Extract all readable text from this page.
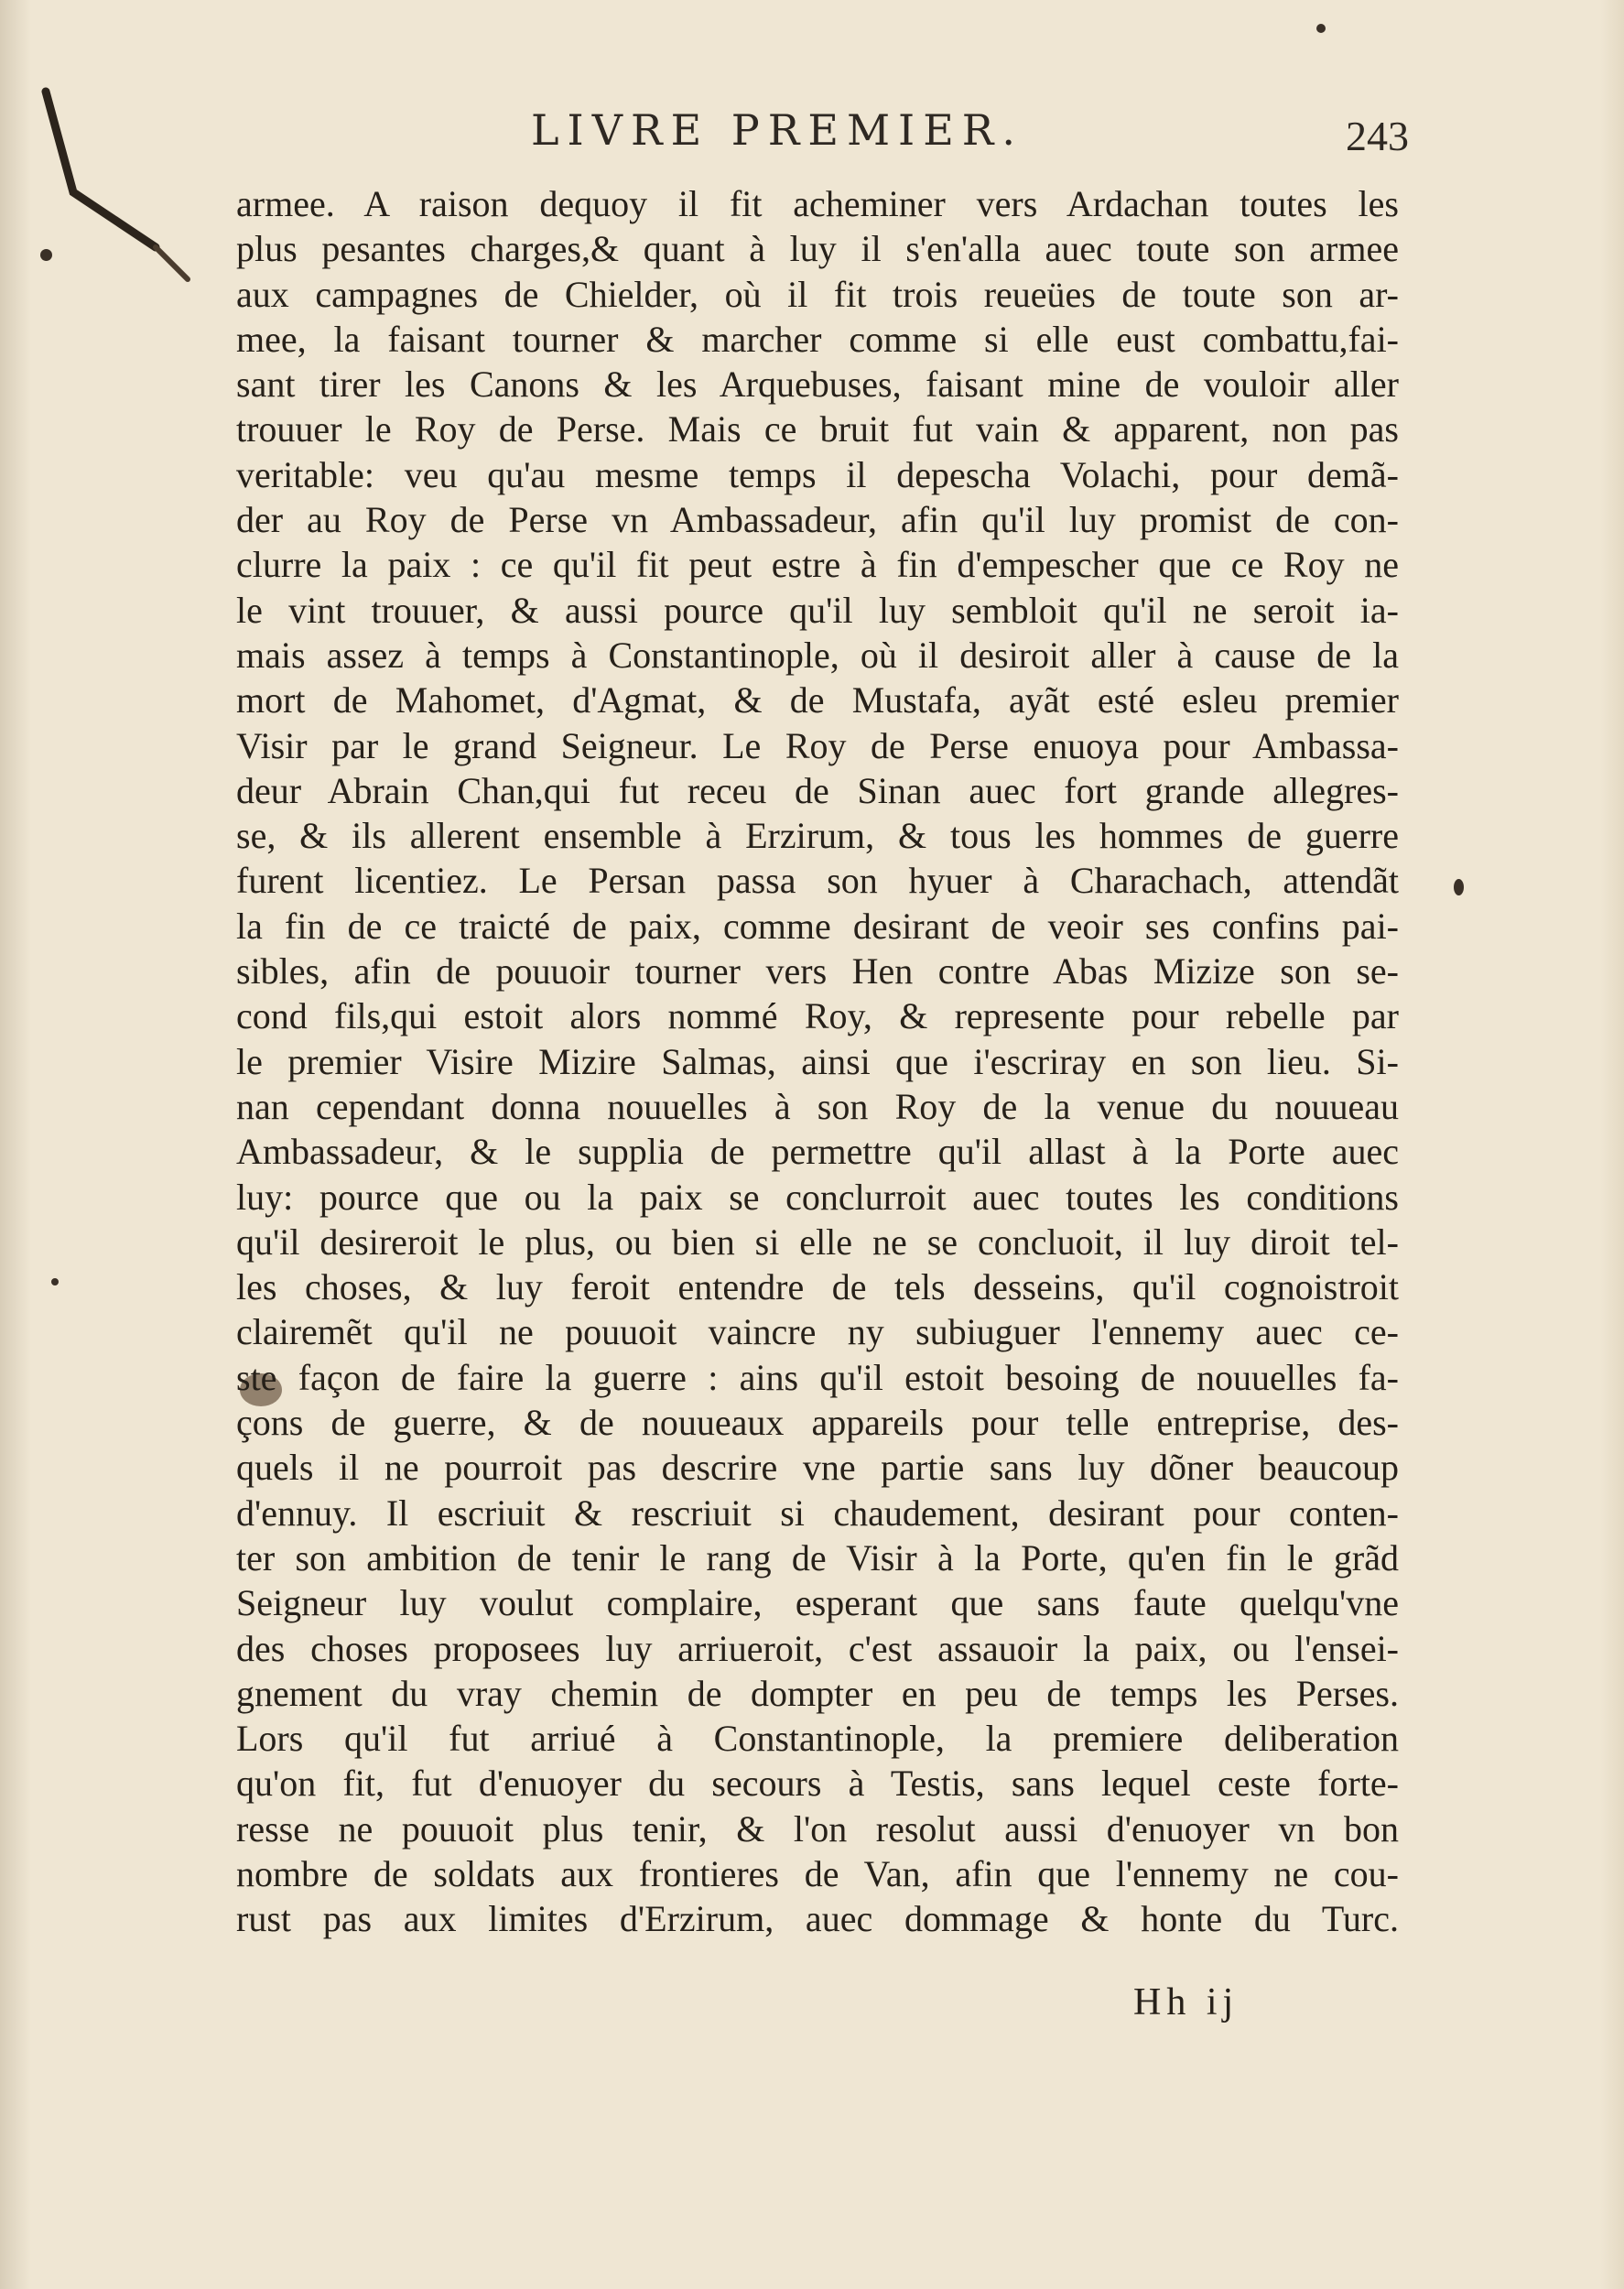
LIVRE PREMIER.	243
armee. A raison dequoy il fit acheminer vers Ardachan toutes les
plus pesantes charges,& quant à luy il s'en'alla auec toute son armee
aux campagnes de Chielder, où il fit trois reueües de toute son ar-
mee, la faisant tourner & marcher comme si elle eust combattu,fai-
sant tirer les Canons & les Arquebuses, faisant mine de vouloir aller
trouuer le Roy de Perse. Mais ce bruit fut vain & apparent, non pas
veritable: veu qu'au mesme temps il depescha Volachi, pour demã-
der au Roy de Perse vn Ambassadeur, afin qu'il luy promist de con-
clurre la paix : ce qu'il fit peut estre à fin d'empescher que ce Roy ne
le vint trouuer, & aussi pource qu'il luy sembloit qu'il ne seroit ia-
mais assez à temps à Constantinople, où il desiroit aller à cause de la
mort de Mahomet, d'Agmat, & de Mustafa, ayãt esté esleu premier
Visir par le grand Seigneur. Le Roy de Perse enuoya pour Ambassa-
deur Abrain Chan,qui fut receu de Sinan auec fort grande allegres-
se, & ils allerent ensemble à Erzirum, & tous les hommes de guerre
furent licentiez. Le Persan passa son hyuer à Charachach, attendãt
la fin de ce traicté de paix, comme desirant de veoir ses confins pai-
sibles, afin de pouuoir tourner vers Hen contre Abas Mizize son se-
cond fils,qui estoit alors nommé Roy, & represente pour rebelle par
le premier Visire Mizire Salmas, ainsi que i'escriray en son lieu. Si-
nan cependant donna nouuelles à son Roy de la venue du nouueau
Ambassadeur, & le supplia de permettre qu'il allast à la Porte auec
luy: pource que ou la paix se conclurroit auec toutes les conditions
qu'il desireroit le plus, ou bien si elle ne se concluoit, il luy diroit tel-
les choses, & luy feroit entendre de tels desseins, qu'il cognoistroit
clairemẽt qu'il ne pouuoit vaincre ny subiuguer l'ennemy auec ce-
ste façon de faire la guerre : ains qu'il estoit besoing de nouuelles fa-
çons de guerre, & de nouueaux appareils pour telle entreprise, des-
quels il ne pourroit pas descrire vne partie sans luy dõner beaucoup
d'ennuy. Il escriuit & rescriuit si chaudement, desirant pour conten-
ter son ambition de tenir le rang de Visir à la Porte, qu'en fin le grãd
Seigneur luy voulut complaire, esperant que sans faute quelqu'vne
des choses proposees luy arriueroit, c'est assauoir la paix, ou l'ensei-
gnement du vray chemin de dompter en peu de temps les Perses.
Lors qu'il fut arriué à Constantinople, la premiere deliberation
qu'on fit, fut d'enuoyer du secours à Testis, sans lequel ceste forte-
resse ne pouuoit plus tenir, & l'on resolut aussi d'enuoyer vn bon
nombre de soldats aux frontieres de Van, afin que l'ennemy ne cou-
rust pas aux limites d'Erzirum, auec dommage & honte du Turc.
Hh ij
